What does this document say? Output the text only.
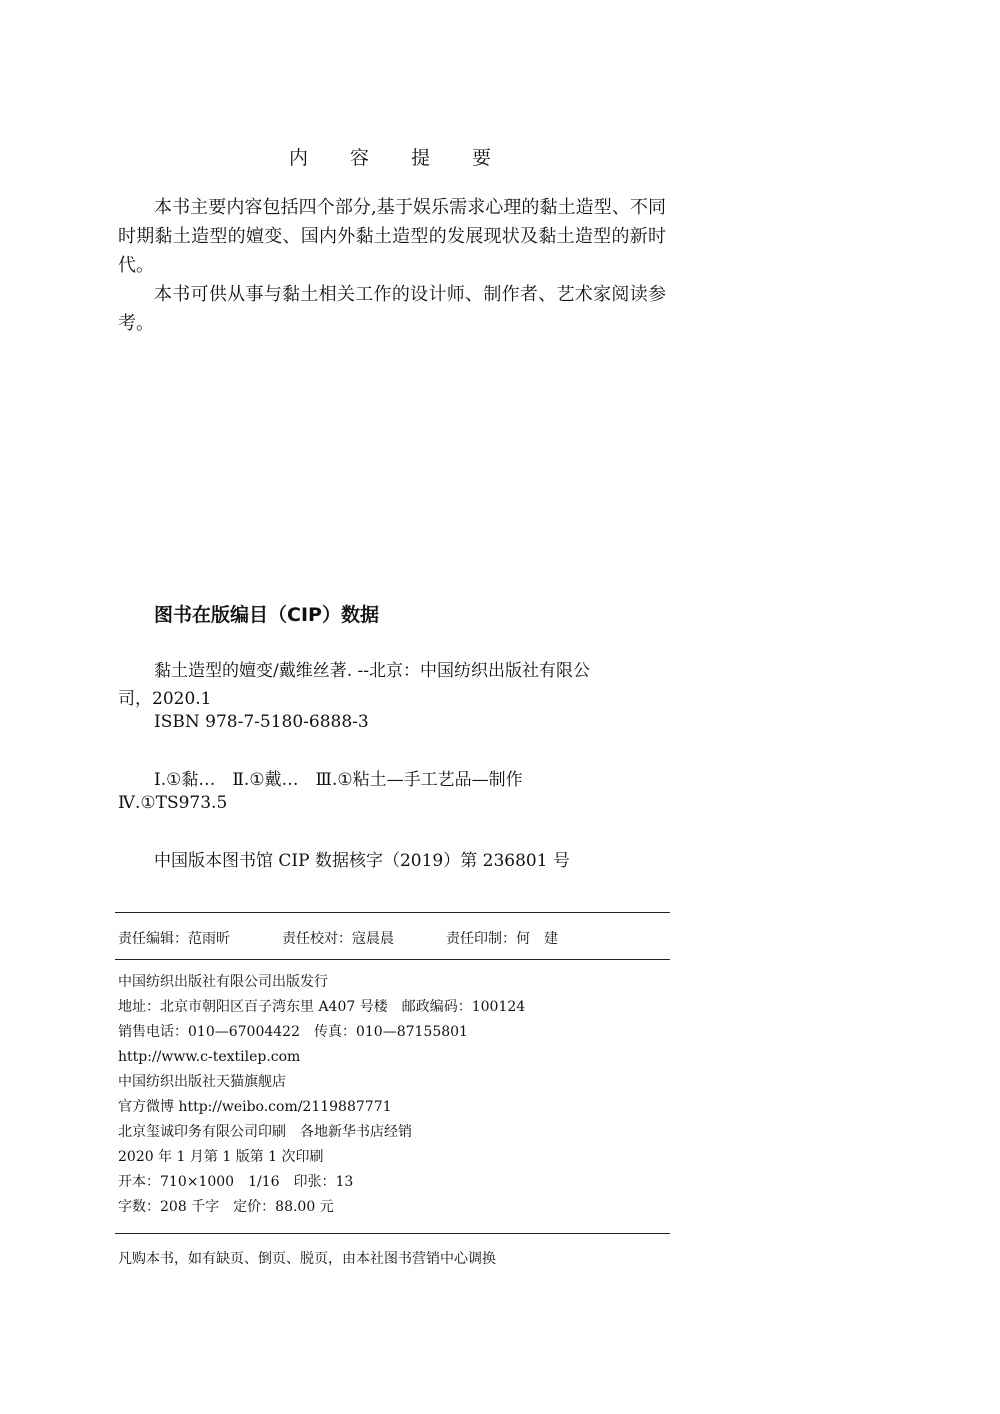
内 容 提 要

本书主要内容包括四个部分,基于娱乐需求心理的黏土造型、不同时期黏土造型的嬗变、国内外黏土造型的发展现状及黏土造型的新时代。

本书可供从事与黏土相关工作的设计师、制作者、艺术家阅读参考。

图书在版编目（CIP）数据
黏土造型的嬗变/戴维丝著. --北京：中国纺织出版社有限公
司，2020.1
ISBN 978-7-5180-6888-3
Ⅰ.①黏…　Ⅱ.①戴…　Ⅲ.①粘土—手工艺品—制作
Ⅳ.①TS973.5
中国版本图书馆 CIP 数据核字（2019）第 236801 号
责任编辑：范雨昕	责任校对：寇晨晨	责任印制：何　建
中国纺织出版社有限公司出版发行
地址：北京市朝阳区百子湾东里 A407 号楼　邮政编码：100124
销售电话：010—67004422　传真：010—87155801
http://www.c-textilep.com
中国纺织出版社天猫旗舰店
官方微博 http://weibo.com/2119887771
北京玺诚印务有限公司印刷　各地新华书店经销
2020 年 1 月第 1 版第 1 次印刷
开本：710×1000　1/16　印张：13
字数：208 千字　定价：88.00 元
凡购本书，如有缺页、倒页、脱页，由本社图书营销中心调换
